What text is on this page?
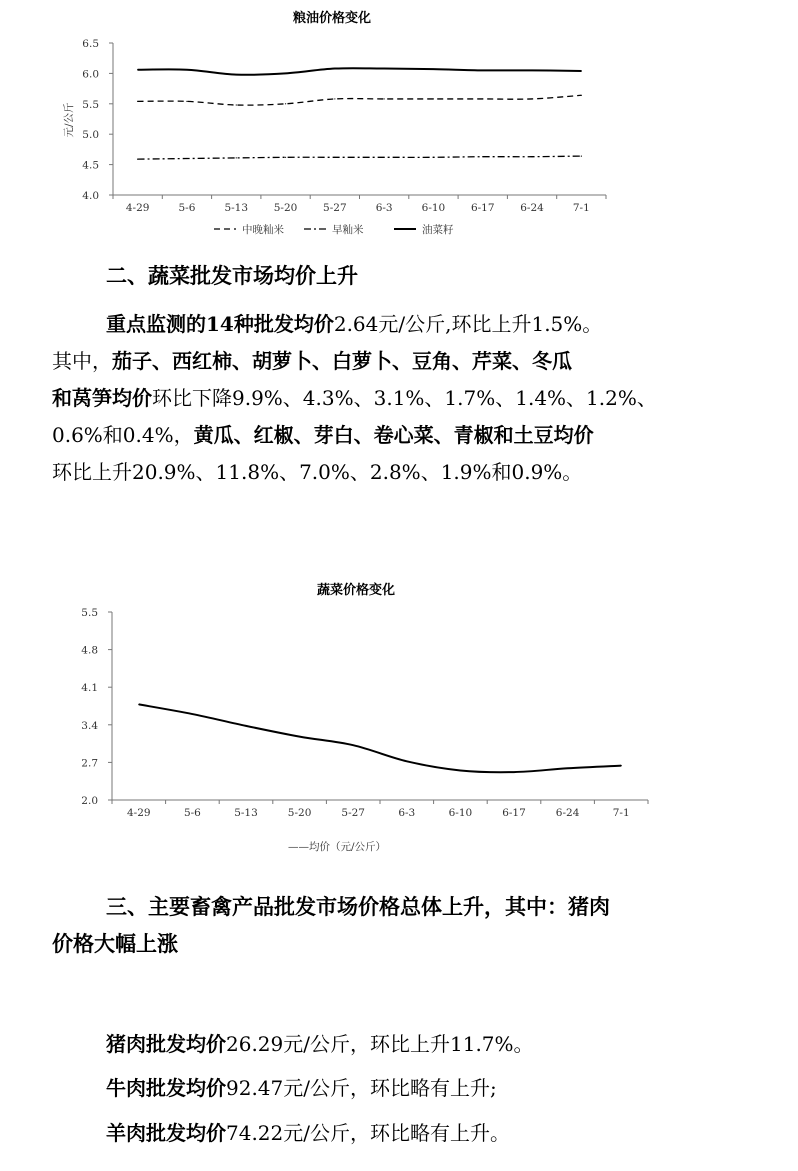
粮油价格变化
元/公斤
4.0
4.5
5.0
5.5
6.0
6.5
4-29	5-6	5-13 5-20 5-27	6-3	6-10 6-17 6-24	7-1
中晚籼米	早籼米	油菜籽
二、蔬菜批发市场均价上升
重点监测的14种批发均价2.64元/公斤,环比上升1.5%。
其中，茄子、西红柿、胡萝卜、白萝卜、豆角、芹菜、冬瓜
和莴笋均价环比下降9.9%、4.3%、3.1%、1.7%、1.4%、1.2%、
0.6%和0.4%，黄瓜、红椒、芽白、卷心菜、青椒和土豆均价
环比上升20.9%、11.8%、7.0%、2.8%、1.9%和0.9%。
蔬菜价格变化
2.0
2.7
3.4
4.1
4.8
5.5
4-29	5-6	5-13	5-20	5-27	6-3	6-10	6-17	6-24	7-1
——均价（元/公斤）
三、主要畜禽产品批发市场价格总体上升，其中：猪肉
价格大幅上涨
猪肉批发均价26.29元/公斤，环比上升11.7%。
牛肉批发均价92.47元/公斤，环比略有上升;
羊肉批发均价74.22元/公斤，环比略有上升。
